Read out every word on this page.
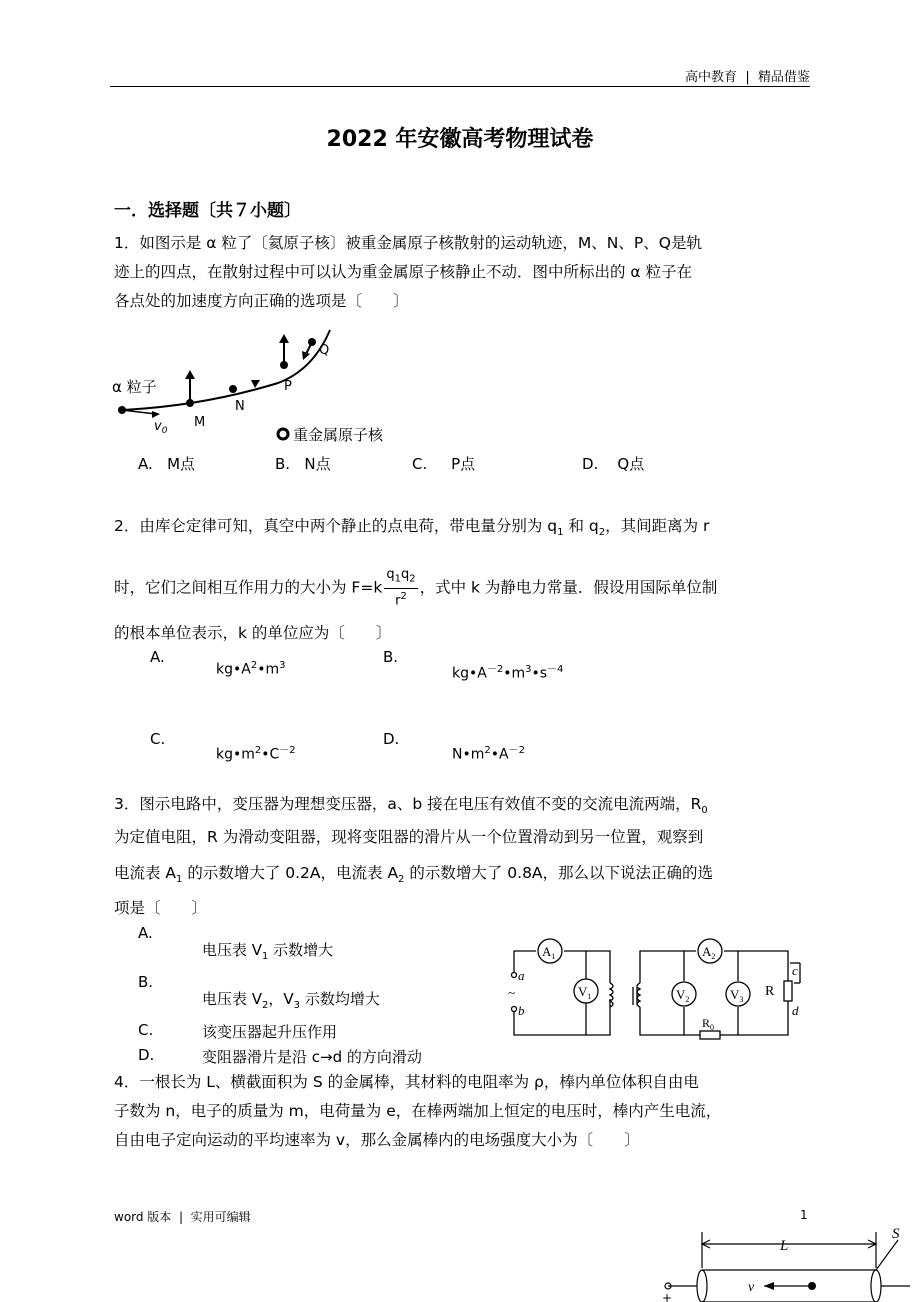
高中教育 | 精品借鉴
2022 年安徽高考物理试卷
一．选择题〔共７小题〕
1．如图示是 α 粒了〔氦原子核〕被重金属原子核散射的运动轨迹，M、N、P、Q是轨
迹上的四点，在散射过程中可以认为重金属原子核静止不动．图中所标出的 α 粒子在
各点处的加速度方向正确的选项是〔　　〕
α 粒子
$v_0$
M
N
P
Q
重金属原子核
A. M点	B. N点	C. P点	D. Q点
2．由库仑定律可知，真空中两个静止的点电荷，带电量分别为 $q_1$ 和 $q_2$，其间距离为 r
时，它们之间相互作用力的大小为 $F=k \frac{q_1q_2}{r^2}$ ，式中 k 为静电力常量．假设用国际单位制
的根本单位表示，k 的单位应为〔　　〕
A.
$kg•A^2•m^3$	B.
$kg•A^{-2}•m^3•s^{-4}$
C.
$kg•m^2•C^{-2}$
D.
$N•m^2•A^{-2}$
3．图示电路中，变压器为理想变压器，a、b 接在电压有效值不变的交流电流两端，$R_0$
为定值电阻，R 为滑动变阻器，现将变阻器的滑片从一个位置滑动到另一位置，观察到
电流表 $A_1$ 的示数增大了 0.2A，电流表 $A_2$ 的示数增大了 0.8A，那么以下说法正确的选
项是〔　　〕
A.
电压表 $V_1$ 示数增大
B.
电压表 $V_2$，$V_3$ 示数均增大
C.	该变压器起升压作用
D.	变阻器滑片是沿 c→d 的方向滑动
$A_1$
$V_1$
$A_2$
$V_2$	$V_3$
a
b
~	R
c
d
$R_0$
4．一根长为 L、横截面积为 S 的金属棒，其材料的电阻率为 ρ，棒内单位体积自由电
子数为 n，电子的质量为 m，电荷量为 e，在棒两端加上恒定的电压时，棒内产生电流，
自由电子定向运动的平均速率为 v，那么金属棒内的电场强度大小为〔　　〕
word 版本 | 实用可编辑	1
L
S
v
+
